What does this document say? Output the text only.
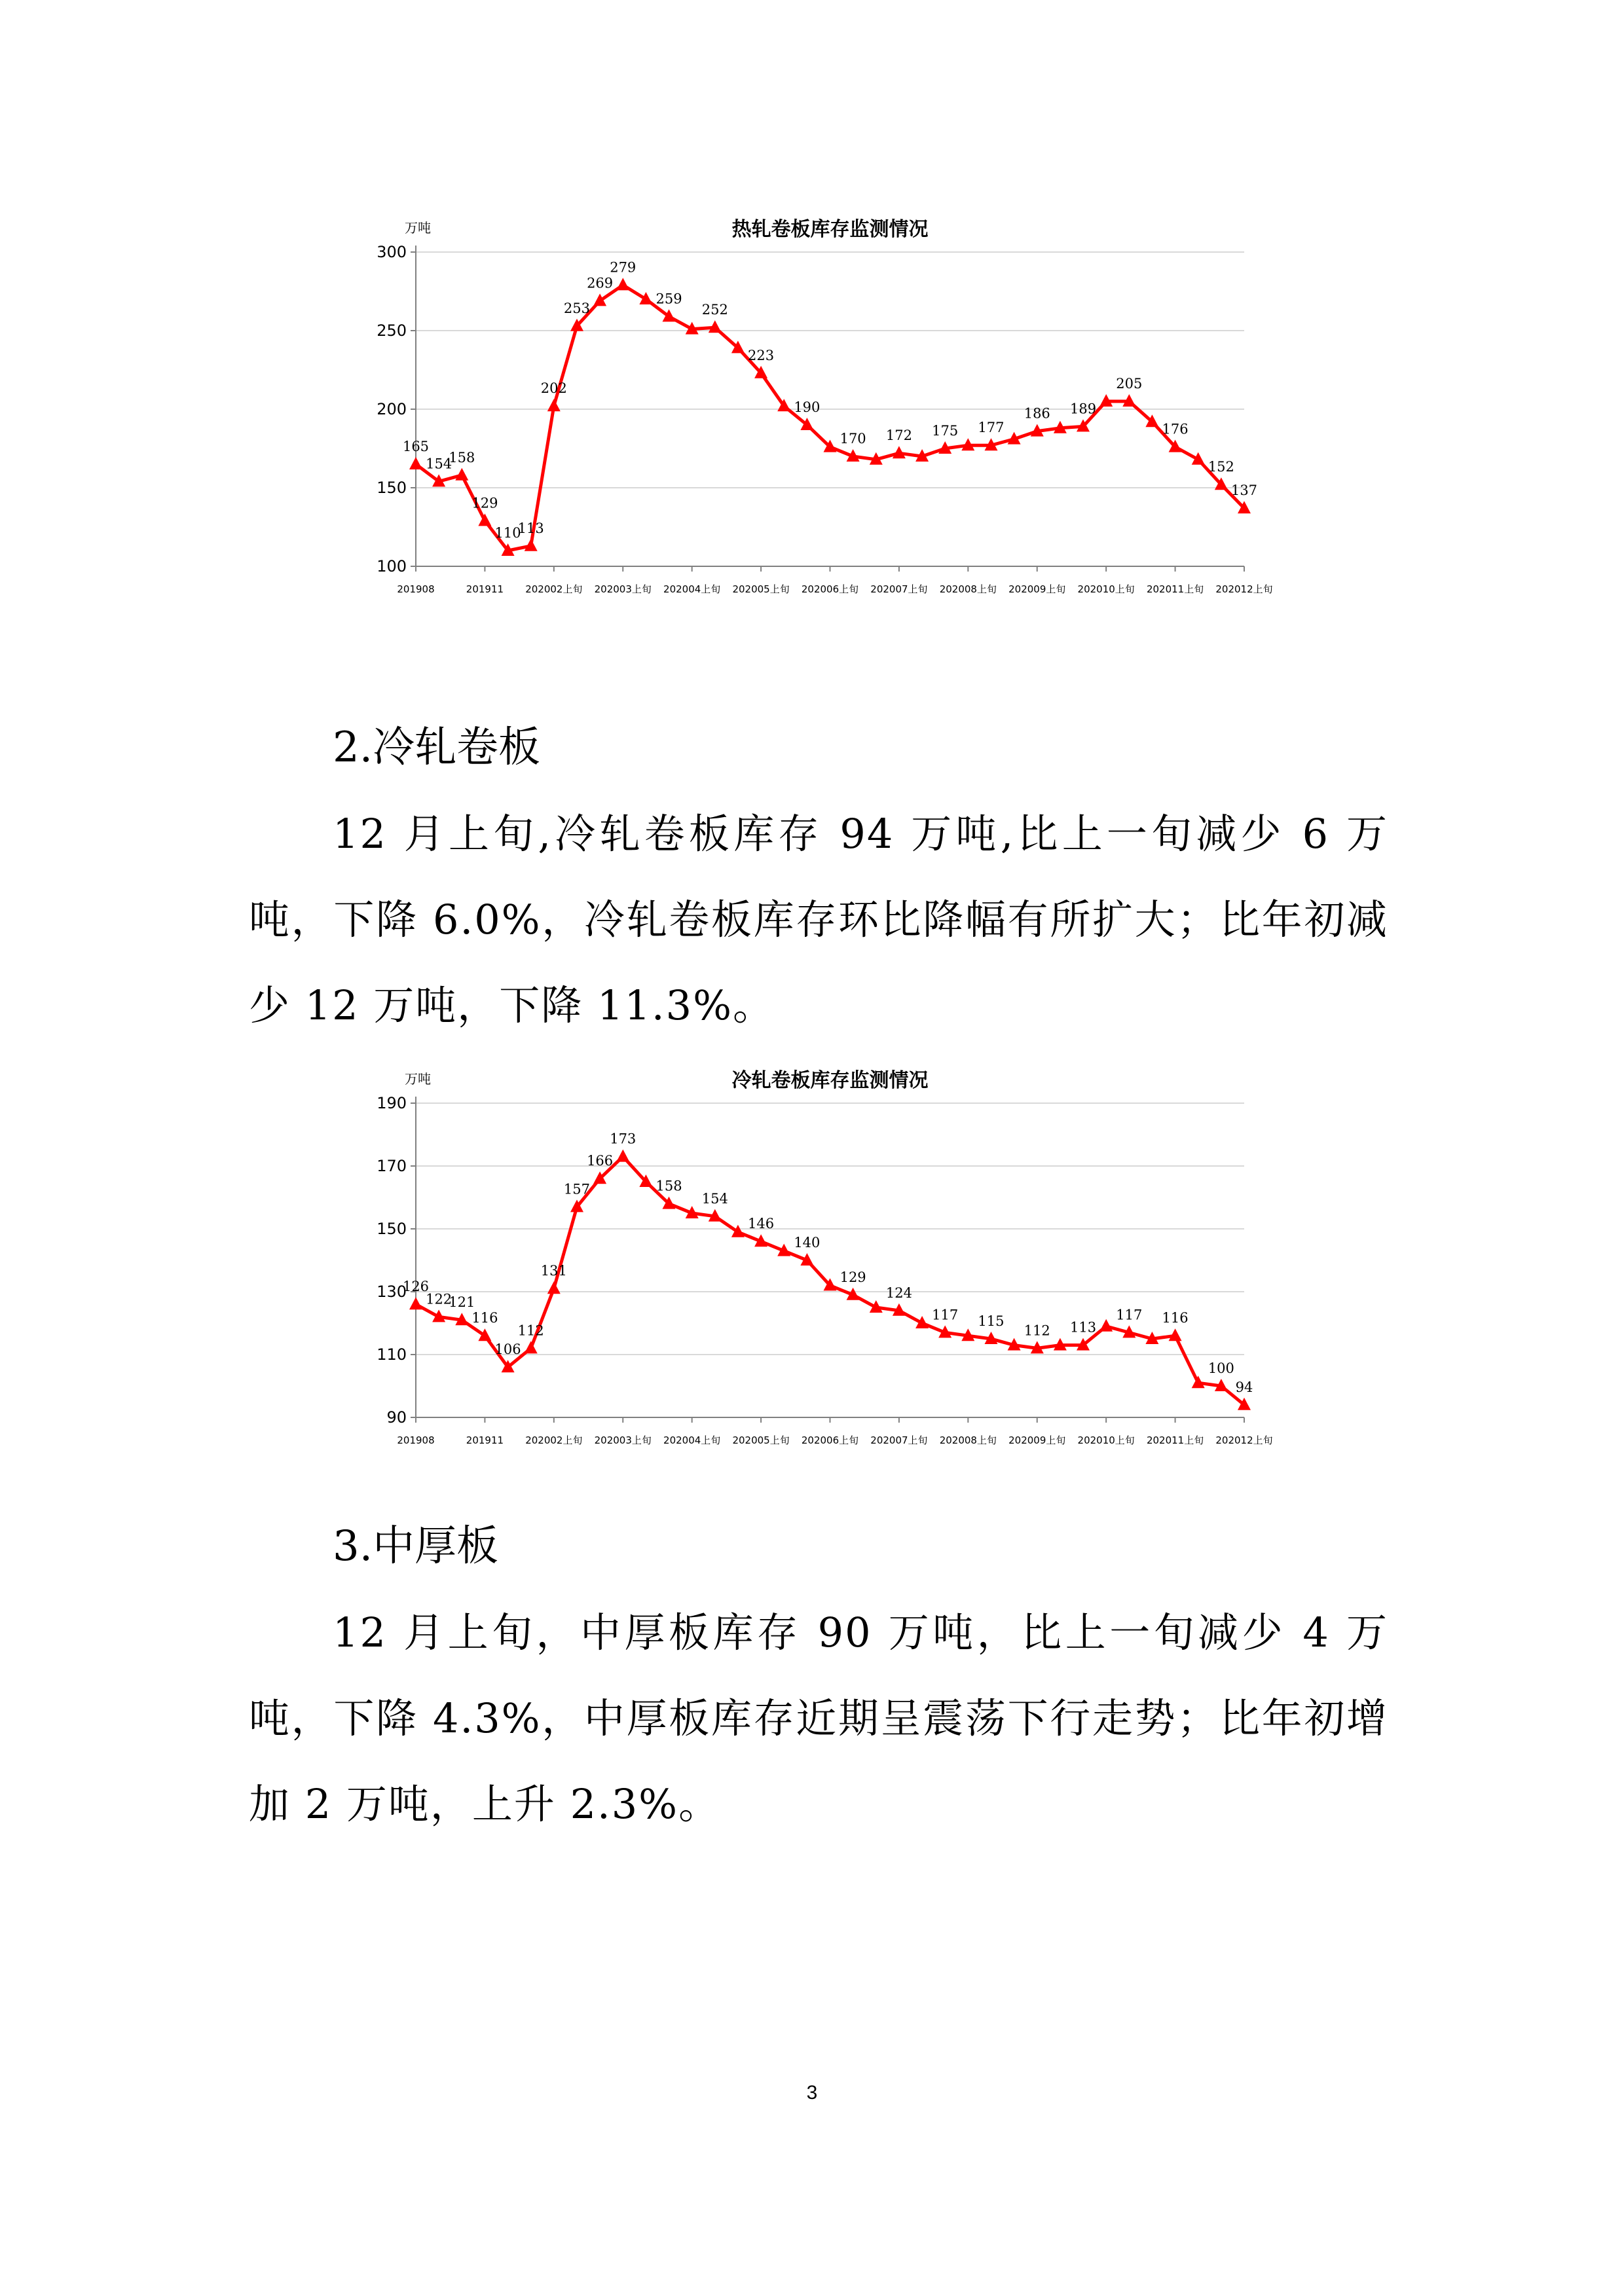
热轧卷板库存监测情况
万吨
300
250
200
150
100
201908	201911 202002上旬 202003上旬 202004上旬 202005上旬 202006上旬 202007上旬 202008上旬 202009上旬 202010上旬 202011上旬 202012上旬
165
154
158
129
110
113
202
253
269
279
259
252
223
190
170 172 175 177
186 189
205
176
152
137
2.冷轧卷板
12 月上旬,冷轧卷板库存 94 万吨,比上一旬减少 6 万吨，下降 6.0%，冷轧卷板库存环比降幅有所扩大；比年初减少 12 万吨，下降 11.3%。
冷轧卷板库存监测情况
万吨
190
170
150
130
110
90
201908	201911 202002上旬 202003上旬 202004上旬 202005上旬 202006上旬 202007上旬 202008上旬 202009上旬 202010上旬 202011上旬 202012上旬
126
122
121
116
106
112
131
157
166
173
158
154
146
140
129
124
117 115
112 113
117 116
100
94
3.中厚板
12 月上旬，中厚板库存 90 万吨，比上一旬减少 4 万吨，下降 4.3%，中厚板库存近期呈震荡下行走势；比年初增加 2 万吨，上升 2.3%。
3
